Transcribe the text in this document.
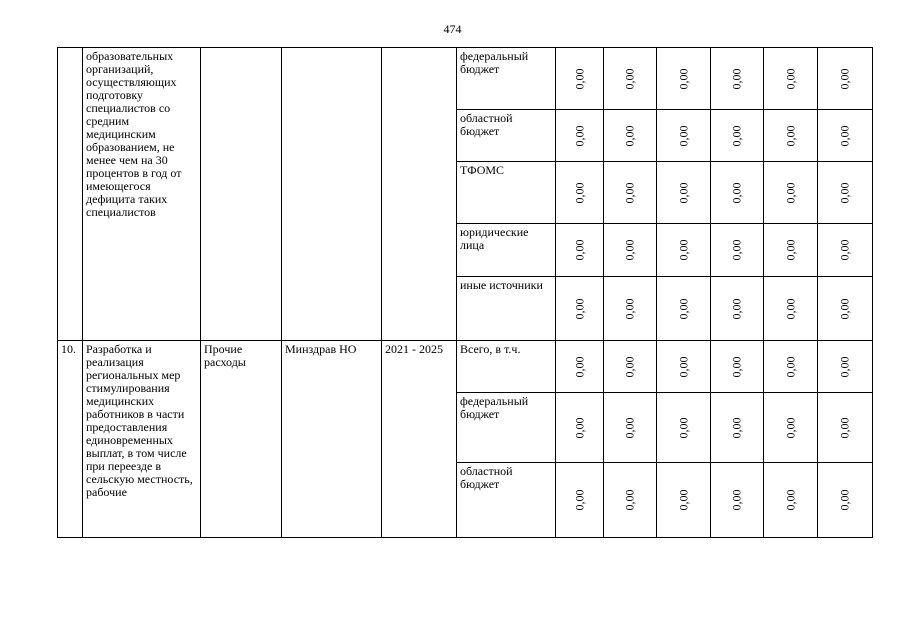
474
	образовательных организаций, осуществляющих подготовку специалистов со средним медицинским образованием, не менее чем на 30 процентов в год от имеющегося дефицита таких специалистов				федеральный бюджет	0,00	0,00	0,00	0,00	0,00	0,00

					областной бюджет	0,00	0,00	0,00	0,00	0,00	0,00

					ТФОМС	0,00	0,00	0,00	0,00	0,00	0,00

					юридические лица	0,00	0,00	0,00	0,00	0,00	0,00

					иные источники	0,00	0,00	0,00	0,00	0,00	0,00

10.	Разработка и реализация региональных мер стимулирования медицинских работников в части предоставления единовременных выплат, в том числе при переезде в сельскую местность, рабочие	Прочие расходы	Минздрав НО	2021 - 2025	Всего, в т.ч.	0,00	0,00	0,00	0,00	0,00	0,00

					федеральный бюджет	0,00	0,00	0,00	0,00	0,00	0,00

					областной бюджет	0,00	0,00	0,00	0,00	0,00	0,00
